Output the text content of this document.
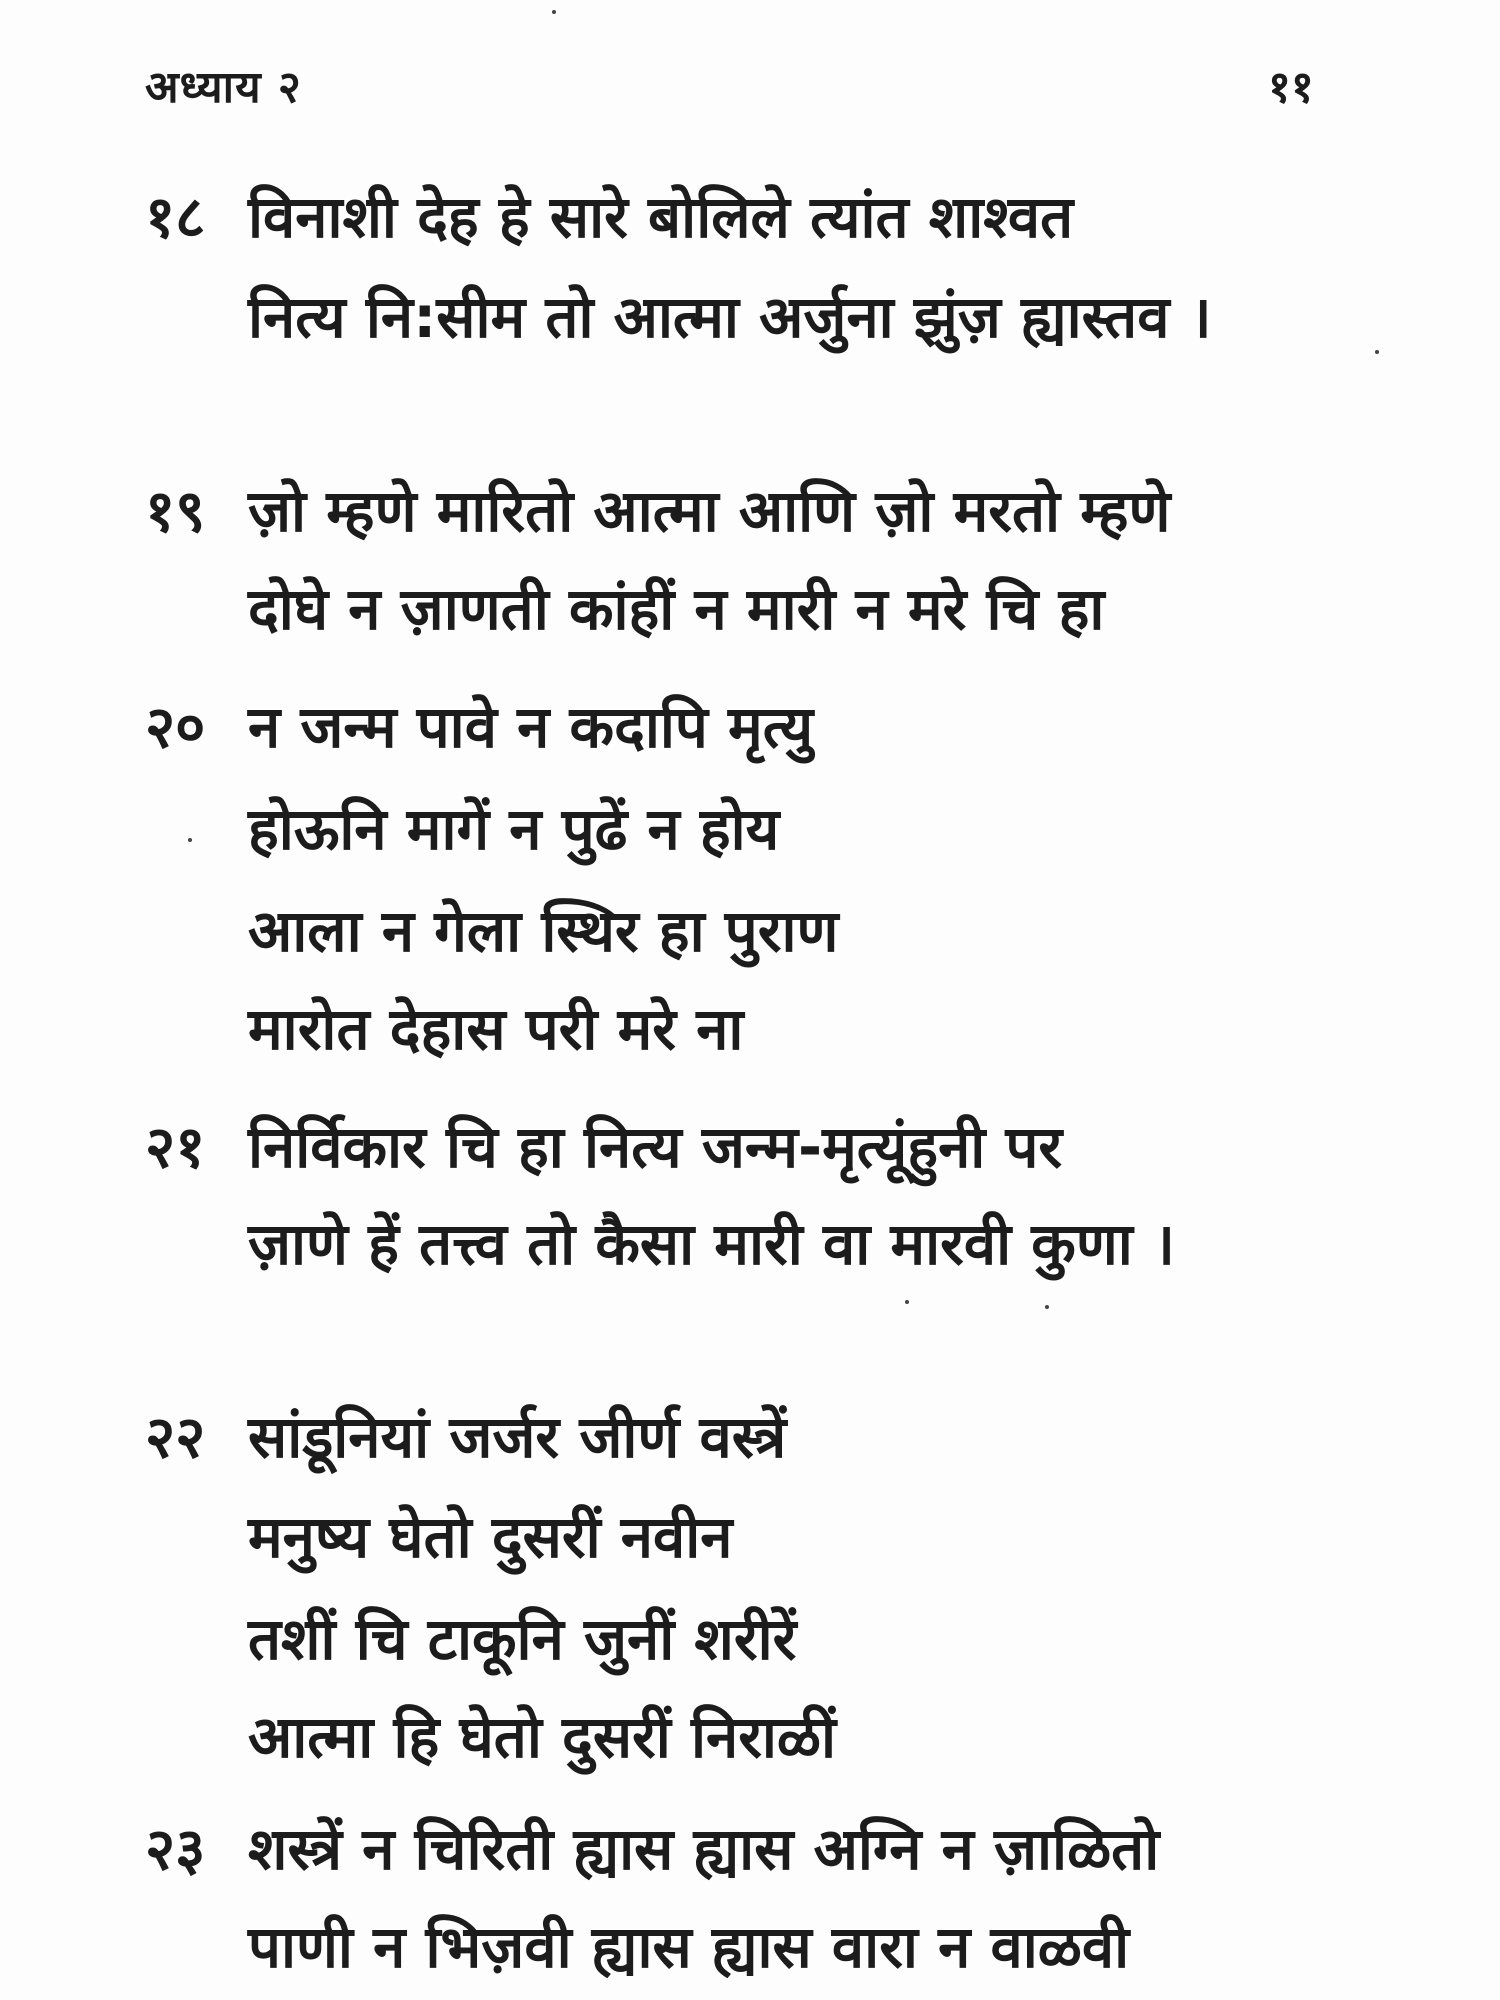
अध्याय २	११
१८ विनाशी देह हे सारे बोलिले त्यांत शाश्वत
नित्य नि:सीम तो आत्मा अर्जुना झुंज़ ह्यास्तव ।
१९ ज़ो म्हणे मारितो आत्मा आणि ज़ो मरतो म्हणे
दोघे न ज़ाणती कांहीं न मारी न मरे चि हा
२० न जन्म पावे न कदापि मृत्यु
होऊनि मागें न पुढें न होय
आला न गेला स्थिर हा पुराण
मारोत देहास परी मरे ना
२१ निर्विकार चि हा नित्य जन्म-मृत्यूंहुनी पर
ज़ाणे हें तत्त्व तो कैसा मारी वा मारवी कुणा ।
२२ सांडूनियां जर्जर जीर्ण वस्त्रें
मनुष्य घेतो दुसरीं नवीन
तशीं चि टाकूनि जुनीं शरीरें
आत्मा हि घेतो दुसरीं निराळीं
२३ शस्त्रें न चिरिती ह्यास ह्यास अग्नि न ज़ाळितो
पाणी न भिज़वी ह्यास ह्यास वारा न वाळवी
